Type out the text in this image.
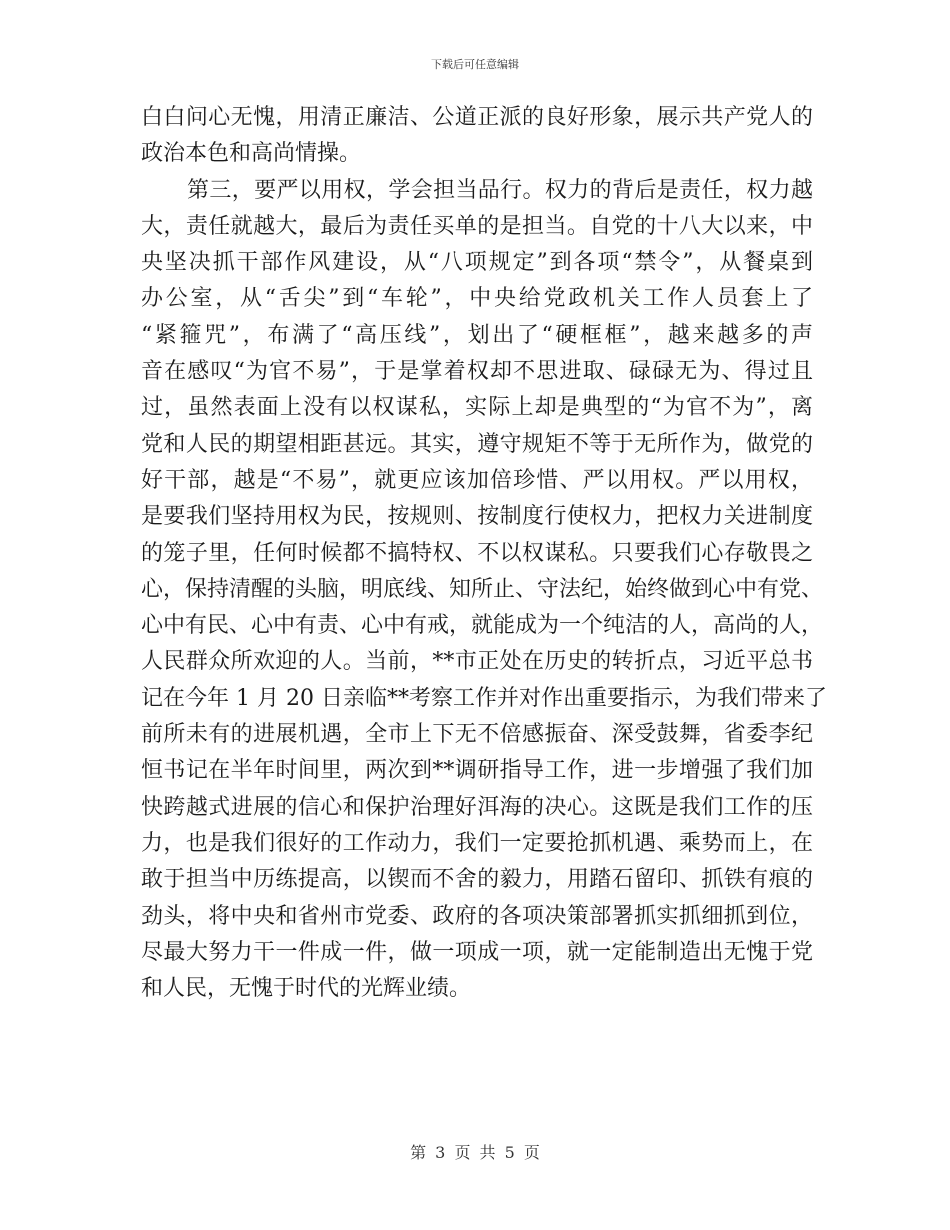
下载后可任意编辑
白白问心无愧，用清正廉洁、公道正派的良好形象，展示共产党人的
政治本色和高尚情操。
第三，要严以用权，学会担当品行。权力的背后是责任，权力越
大，责任就越大，最后为责任买单的是担当。自党的十八大以来，中
央坚决抓干部作风建设，从“八项规定”到各项“禁令”，从餐桌到
办公室，从“舌尖”到“车轮”，中央给党政机关工作人员套上了
“紧箍咒”，布满了“高压线”，划出了“硬框框”，越来越多的声
音在感叹“为官不易”，于是掌着权却不思进取、碌碌无为、得过且
过，虽然表面上没有以权谋私，实际上却是典型的“为官不为”，离
党和人民的期望相距甚远。其实，遵守规矩不等于无所作为，做党的
好干部，越是“不易”，就更应该加倍珍惜、严以用权。严以用权，
是要我们坚持用权为民，按规则、按制度行使权力，把权力关进制度
的笼子里，任何时候都不搞特权、不以权谋私。只要我们心存敬畏之
心，保持清醒的头脑，明底线、知所止、守法纪，始终做到心中有党、
心中有民、心中有责、心中有戒，就能成为一个纯洁的人，高尚的人，
人民群众所欢迎的人。当前，**市正处在历史的转折点，习近平总书
记在今年 1 月 20 日亲临**考察工作并对作出重要指示，为我们带来了
前所未有的进展机遇，全市上下无不倍感振奋、深受鼓舞，省委李纪
恒书记在半年时间里，两次到**调研指导工作，进一步增强了我们加
快跨越式进展的信心和保护治理好洱海的决心。这既是我们工作的压
力，也是我们很好的工作动力，我们一定要抢抓机遇、乘势而上，在
敢于担当中历练提高，以锲而不舍的毅力，用踏石留印、抓铁有痕的
劲头，将中央和省州市党委、政府的各项决策部署抓实抓细抓到位，
尽最大努力干一件成一件，做一项成一项，就一定能制造出无愧于党
和人民，无愧于时代的光辉业绩。
第 3 页 共 5 页
